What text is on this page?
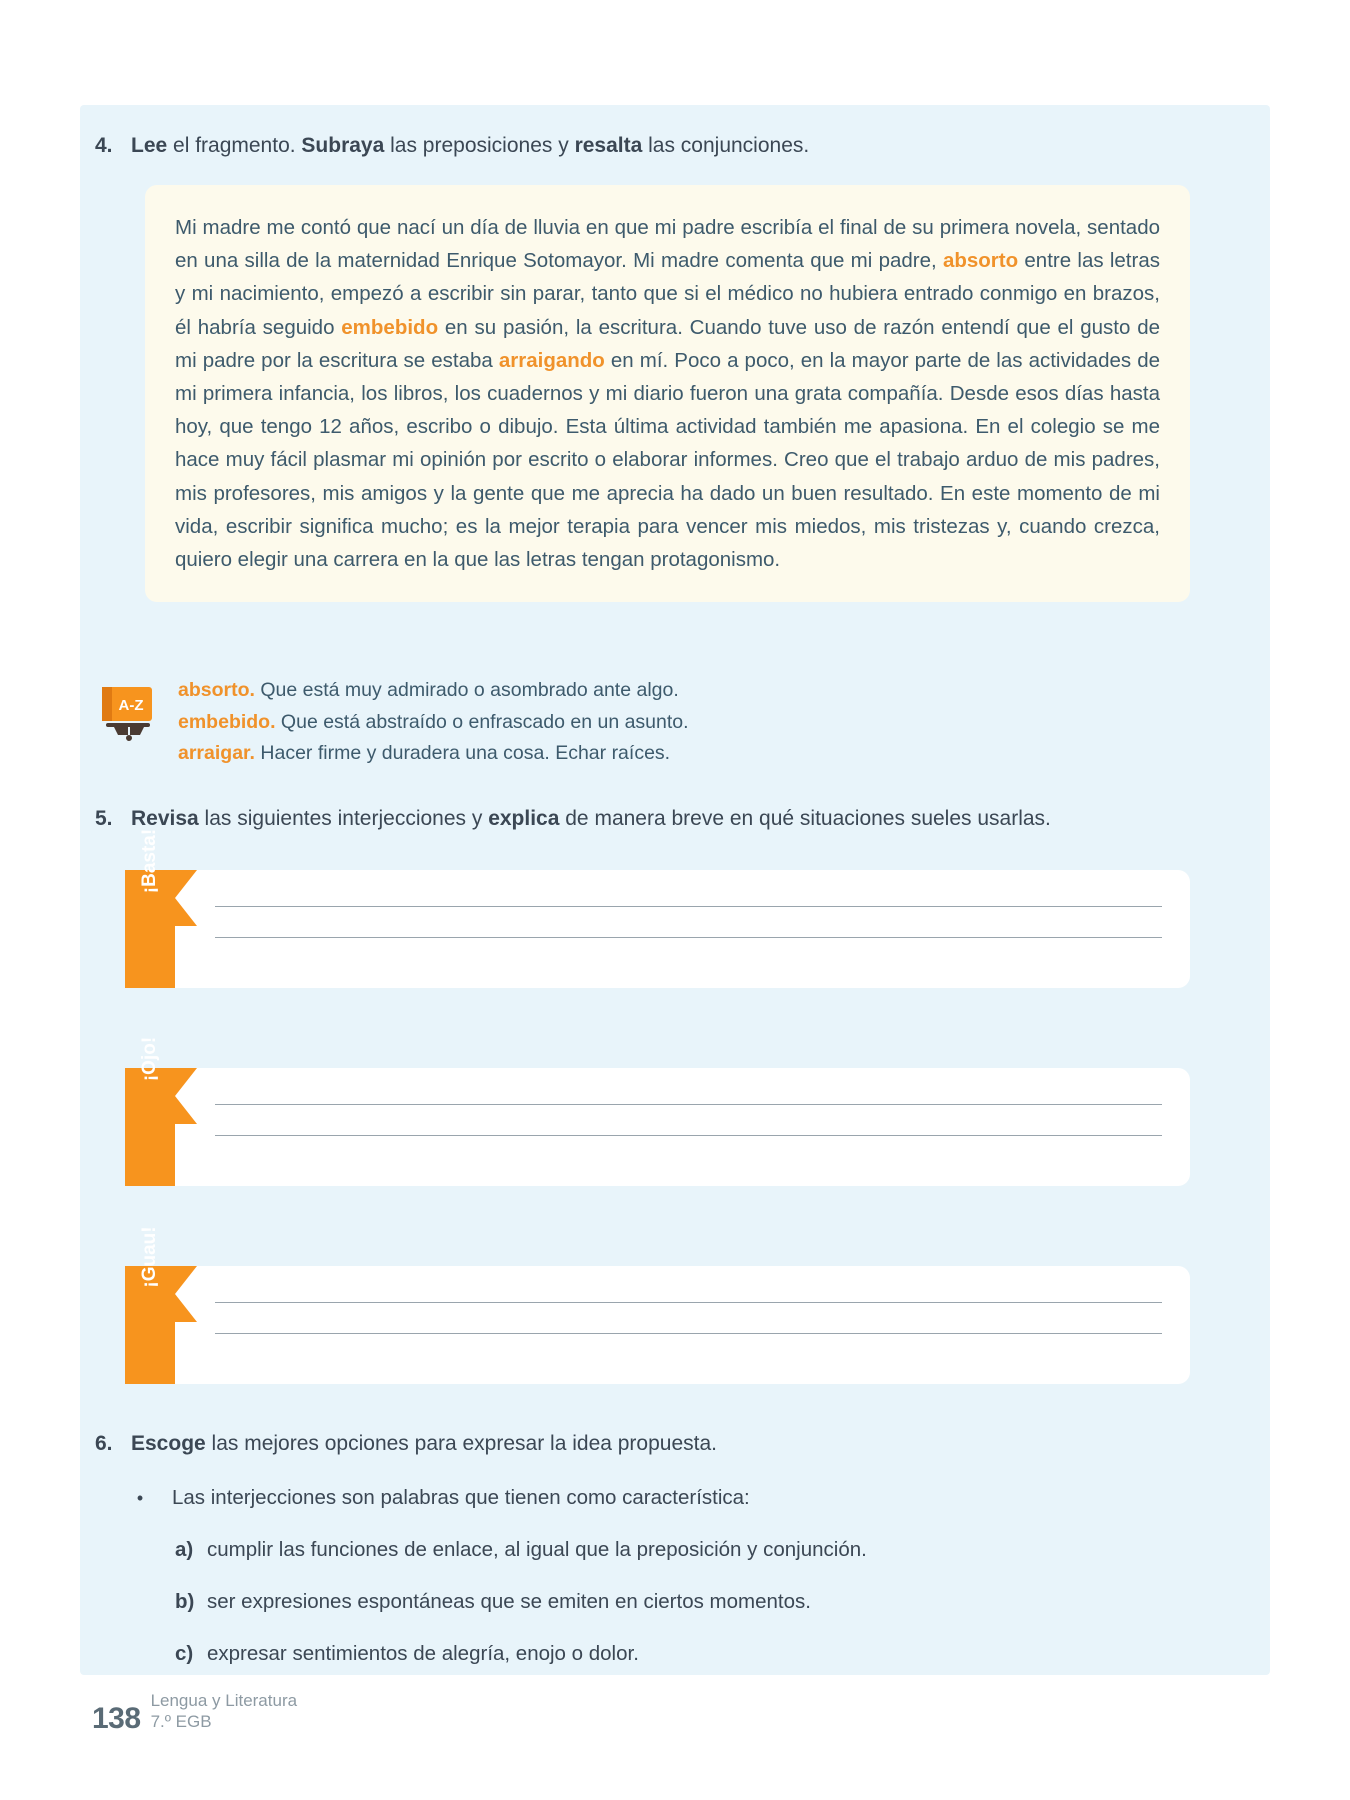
4. Lee el fragmento. Subraya las preposiciones y resalta las conjunciones.

Mi madre me contó que nací un día de lluvia en que mi padre escribía el final de su primera novela, sentado en una silla de la maternidad Enrique Sotomayor. Mi madre comenta que mi padre, absorto entre las letras y mi nacimiento, empezó a escribir sin parar, tanto que si el médico no hubiera entrado conmigo en brazos, él habría seguido embebido en su pasión, la escritura. Cuando tuve uso de razón entendí que el gusto de mi padre por la escritura se estaba arraigando en mí. Poco a poco, en la mayor parte de las actividades de mi primera infancia, los libros, los cuadernos y mi diario fueron una grata compañía. Desde esos días hasta hoy, que tengo 12 años, escribo o dibujo. Esta última actividad también me apasiona. En el colegio se me hace muy fácil plasmar mi opinión por escrito o elaborar informes. Creo que el trabajo arduo de mis padres, mis profesores, mis amigos y la gente que me aprecia ha dado un buen resultado. En este momento de mi vida, escribir significa mucho; es la mejor terapia para vencer mis miedos, mis tristezas y, cuando crezca, quiero elegir una carrera en la que las letras tengan protagonismo.

A-Z
absorto. Que está muy admirado o asombrado ante algo.
embebido. Que está abstraído o enfrascado en un asunto.
arraigar. Hacer firme y duradera una cosa. Echar raíces.
5. Revisa las siguientes interjecciones y explica de manera breve en qué situaciones sueles usarlas.
¡Basta!
¡Ojo!
¡Guau!
6. Escoge las mejores opciones para expresar la idea propuesta.
•	Las interjecciones son palabras que tienen como característica:
a) cumplir las funciones de enlace, al igual que la preposición y conjunción.
b) ser expresiones espontáneas que se emiten en ciertos momentos.
c) expresar sentimientos de alegría, enojo o dolor.
138
Lengua y Literatura
7.º EGB
